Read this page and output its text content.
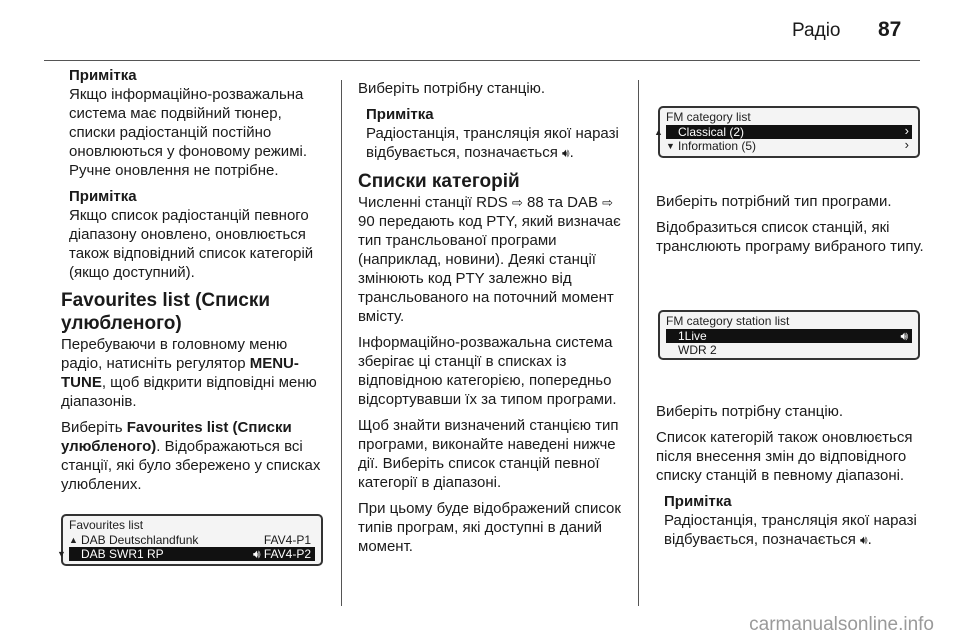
Радіо 87

Примітка
Якщо інформаційно-розважальна система має подвійний тюнер, списки радіостанцій постійно оновлюються у фоновому режимі. Ручне оновлення не потрібне.

Примітка
Якщо список радіостанцій певного діапазону оновлено, оновлюється також відповідний список категорій (якщо доступний).

Favourites list (Списки улюбленого)

Перебуваючи в головному меню радіо, натисніть регулятор MENU-TUNE, щоб відкрити відповідні меню діапазонів.

Виберіть Favourites list (Списки улюбленого). Відображаються всі станції, які було збережено у списках улюблених.

Favourites list
▲ DAB Deutschlandfunk	FAV4-P1
▼ DAB SWR1 RP	🔊︎ FAV4-P2

Виберіть потрібну станцію.

Примітка
Радіостанція, трансляція якої наразі відбувається, позначається 🔊︎.

Списки категорій

Численні станції RDS ⇨ 88 та DAB ⇨ 90 передають код PTY, який визначає тип трансльованої програми (наприклад, новини). Деякі станції змінюють код PTY залежно від трансльованого на поточний момент вмісту.

Інформаційно-розважальна система зберігає ці станції в списках із відповідною категорією, попередньо відсортувавши їх за типом програми.

Щоб знайти визначений станцією тип програми, виконайте наведені нижче дії. Виберіть список станцій певної категорії в діапазоні.

При цьому буде відображений список типів програм, які доступні в даний момент.

FM category list
▲ Classical (2)	›
▼ Information (5)	›
FM category station list
1Live	🔊︎
WDR 2

Виберіть потрібний тип програми.

Відобразиться список станцій, які транслюють програму вибраного типу.

Виберіть потрібну станцію.

Список категорій також оновлюється після внесення змін до відповідного списку станцій в певному діапазоні.

Примітка
Радіостанція, трансляція якої наразі відбувається, позначається 🔊︎.

carmanualsonline.info
